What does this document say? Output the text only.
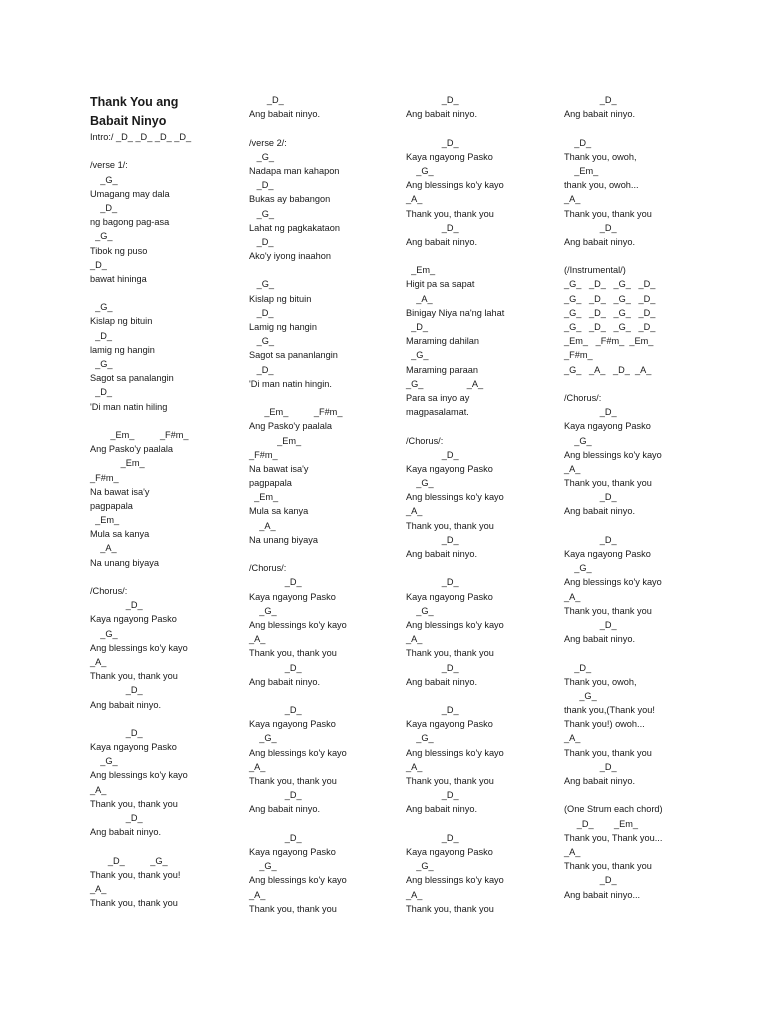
Thank You ang
Babait Ninyo
Intro:/ _D_ _D_ _D_ _D_
/verse 1/:
_G_
Umagang may dala
_D_
ng bagong pag-asa
_G_
Tibok ng puso
_D_
bawat hininga
_G_
Kislap ng bituin
_D_
lamig ng hangin
_G_
Sagot sa panalangin
_D_
'Di man natin hiling
_Em_          _F#m_
Ang Pasko'y paalala
_Em_
_F#m_
Na bawat isa'y
pagpapala
_Em_
Mula sa kanya
_A_
Na unang biyaya
/Chorus/:
_D_
Kaya ngayong Pasko
_G_
Ang blessings ko'y kayo
_A_
Thank you, thank you
_D_
Ang babait ninyo.
_D_
Kaya ngayong Pasko
_G_
Ang blessings ko'y kayo
_A_
Thank you, thank you
_D_
Ang babait ninyo.
_D_          _G_
Thank you, thank you!
_A_
Thank you, thank you
_D_
Ang babait ninyo.
/verse 2/:
_G_
Nadapa man kahapon
_D_
Bukas ay babangon
_G_
Lahat ng pagkakataon
_D_
Ako'y iyong inaahon
_G_
Kislap ng bituin
_D_
Lamig ng hangin
_G_
Sagot sa pananlangin
_D_
'Di man natin hingin.
_Em_          _F#m_
Ang Pasko'y paalala
_Em_
_F#m_
Na bawat isa'y
pagpapala
_Em_
Mula sa kanya
_A_
Na unang biyaya
/Chorus/:
_D_
Kaya ngayong Pasko
_G_
Ang blessings ko'y kayo
_A_
Thank you, thank you
_D_
Ang babait ninyo.
_D_
Kaya ngayong Pasko
_G_
Ang blessings ko'y kayo
_A_
Thank you, thank you
_D_
Ang babait ninyo.
_D_
Kaya ngayong Pasko
_G_
Ang blessings ko'y kayo
_A_
Thank you, thank you
_D_
Ang babait ninyo.
_D_
Kaya ngayong Pasko
_G_
Ang blessings ko'y kayo
_A_
Thank you, thank you
_D_
Ang babait ninyo.
_Em_
Higit pa sa sapat
_A_
Binigay Niya na'ng lahat
_D_
Maraming dahilan
_G_
Maraming paraan
_G_                 _A_
Para sa inyo ay
magpasalamat.
/Chorus/:
_D_
Kaya ngayong Pasko
_G_
Ang blessings ko'y kayo
_A_
Thank you, thank you
_D_
Ang babait ninyo.
_D_
Kaya ngayong Pasko
_G_
Ang blessings ko'y kayo
_A_
Thank you, thank you
_D_
Ang babait ninyo.
_D_
Kaya ngayong Pasko
_G_
Ang blessings ko'y kayo
_A_
Thank you, thank you
_D_
Ang babait ninyo.
_D_
Kaya ngayong Pasko
_G_
Ang blessings ko'y kayo
_A_
Thank you, thank you
_D_
Ang babait ninyo.
_D_
Thank you, owoh,
_Em_
thank you, owoh...
_A_
Thank you, thank you
_D_
Ang babait ninyo.
(/Instrumental/)
_G_   _D_   _G_   _D_
_G_   _D_   _G_   _D_
_G_   _D_   _G_   _D_
_G_   _D_   _G_   _D_
_Em_   _F#m_  _Em_
_F#m_
_G_   _A_   _D_  _A_
/Chorus/:
_D_
Kaya ngayong Pasko
_G_
Ang blessings ko'y kayo
_A_
Thank you, thank you
_D_
Ang babait ninyo.
_D_
Kaya ngayong Pasko
_G_
Ang blessings ko'y kayo
_A_
Thank you, thank you
_D_
Ang babait ninyo.
_D_
Thank you, owoh,
_G_
thank you,(Thank you!
Thank you!) owoh...
_A_
Thank you, thank you
_D_
Ang babait ninyo.
(One Strum each chord)
_D_        _Em_
Thank you, Thank you...
_A_
Thank you, thank you
_D_
Ang babait ninyo...
